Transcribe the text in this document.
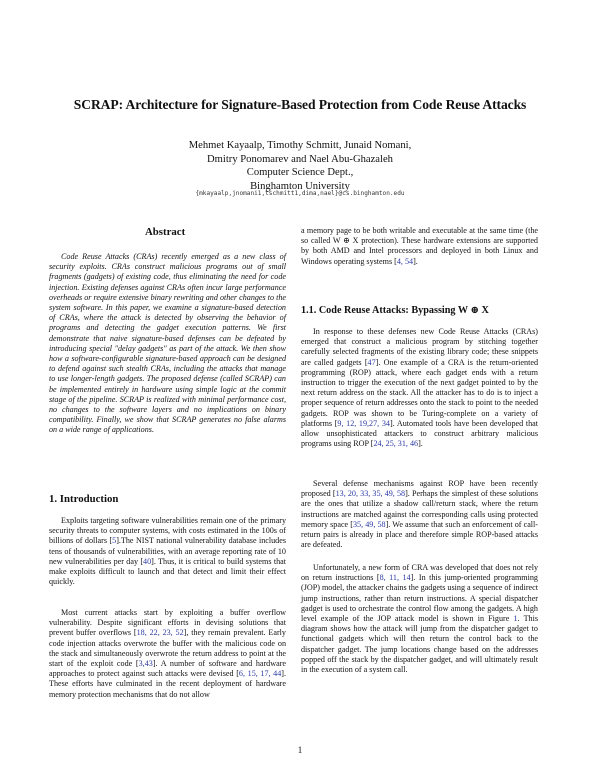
SCRAP: Architecture for Signature-Based Protection from Code Reuse Attacks
Mehmet Kayaalp, Timothy Schmitt, Junaid Nomani,
Dmitry Ponomarev and Nael Abu-Ghazaleh
Computer Science Dept.,
Binghamton University
{mkayaalp,jnomani1,tschmitt1,dima,nael}@cs.binghamton.edu
Abstract
Code Reuse Attacks (CRAs) recently emerged as a new class of security exploits. CRAs construct malicious programs out of small fragments (gadgets) of existing code, thus eliminating the need for code injection. Existing defenses against CRAs often incur large performance overheads or require extensive binary rewriting and other changes to the system software. In this paper, we examine a signature-based detection of CRAs, where the attack is detected by observing the behavior of programs and detecting the gadget execution patterns. We first demonstrate that naive signature-based defenses can be defeated by introducing special "delay gadgets" as part of the attack. We then show how a software-configurable signature-based approach can be designed to defend against such stealth CRAs, including the attacks that manage to use longer-length gadgets. The proposed defense (called SCRAP) can be implemented entirely in hardware using simple logic at the commit stage of the pipeline. SCRAP is realized with minimal performance cost, no changes to the software layers and no implications on binary compatibility. Finally, we show that SCRAP generates no false alarms on a wide range of applications.
1. Introduction
Exploits targeting software vulnerabilities remain one of the primary security threats to computer systems, with costs estimated in the 100s of billions of dollars [5].The NIST national vulnerability database includes tens of thousands of vulnerabilities, with an average reporting rate of 10 new vulnerabilities per day [40]. Thus, it is critical to build systems that make exploits difficult to launch and that detect and limit their effect quickly.
Most current attacks start by exploiting a buffer overflow vulnerability. Despite significant efforts in devising solutions that prevent buffer overflows [18, 22, 23, 52], they remain prevalent. Early code injection attacks overwrote the buffer with the malicious code on the stack and simultaneously overwrote the return address to point at the start of the exploit code [3,43]. A number of software and hardware approaches to protect against such attacks were devised [6, 15, 17, 44]. These efforts have culminated in the recent deployment of hardware memory protection mechanisms that do not allow
a memory page to be both writable and executable at the same time (the so called W ⊕ X protection). These hardware extensions are supported by both AMD and Intel processors and deployed in both Linux and Windows operating systems [4, 54].
1.1. Code Reuse Attacks: Bypassing W ⊕ X
In response to these defenses new Code Reuse Attacks (CRAs) emerged that construct a malicious program by stitching together carefully selected fragments of the existing library code; these snippets are called gadgets [47]. One example of a CRA is the return-oriented programming (ROP) attack, where each gadget ends with a return instruction to trigger the execution of the next gadget pointed to by the next return address on the stack. All the attacker has to do is to inject a proper sequence of return addresses onto the stack to point to the needed gadgets. ROP was shown to be Turing-complete on a variety of platforms [9, 12, 19,27, 34]. Automated tools have been developed that allow unsophisticated attackers to construct arbitrary malicious programs using ROP [24, 25, 31, 46].
Several defense mechanisms against ROP have been recently proposed [13, 20, 33, 35, 49, 58]. Perhaps the simplest of these solutions are the ones that utilize a shadow call/return stack, where the return instructions are matched against the corresponding calls using protected memory space [35, 49, 58]. We assume that such an enforcement of call-return pairs is already in place and therefore simple ROP-based attacks are defeated.
Unfortunately, a new form of CRA was developed that does not rely on return instructions [8, 11, 14]. In this jump-oriented programming (JOP) model, the attacker chains the gadgets using a sequence of indirect jump instructions, rather than return instructions. A special dispatcher gadget is used to orchestrate the control flow among the gadgets. A high level example of the JOP attack model is shown in Figure 1. This diagram shows how the attack will jump from the dispatcher gadget to functional gadgets which will then return the control back to the dispatcher gadget. The jump locations change based on the addresses popped off the stack by the dispatcher gadget, and will ultimately result in the execution of a system call.
1
